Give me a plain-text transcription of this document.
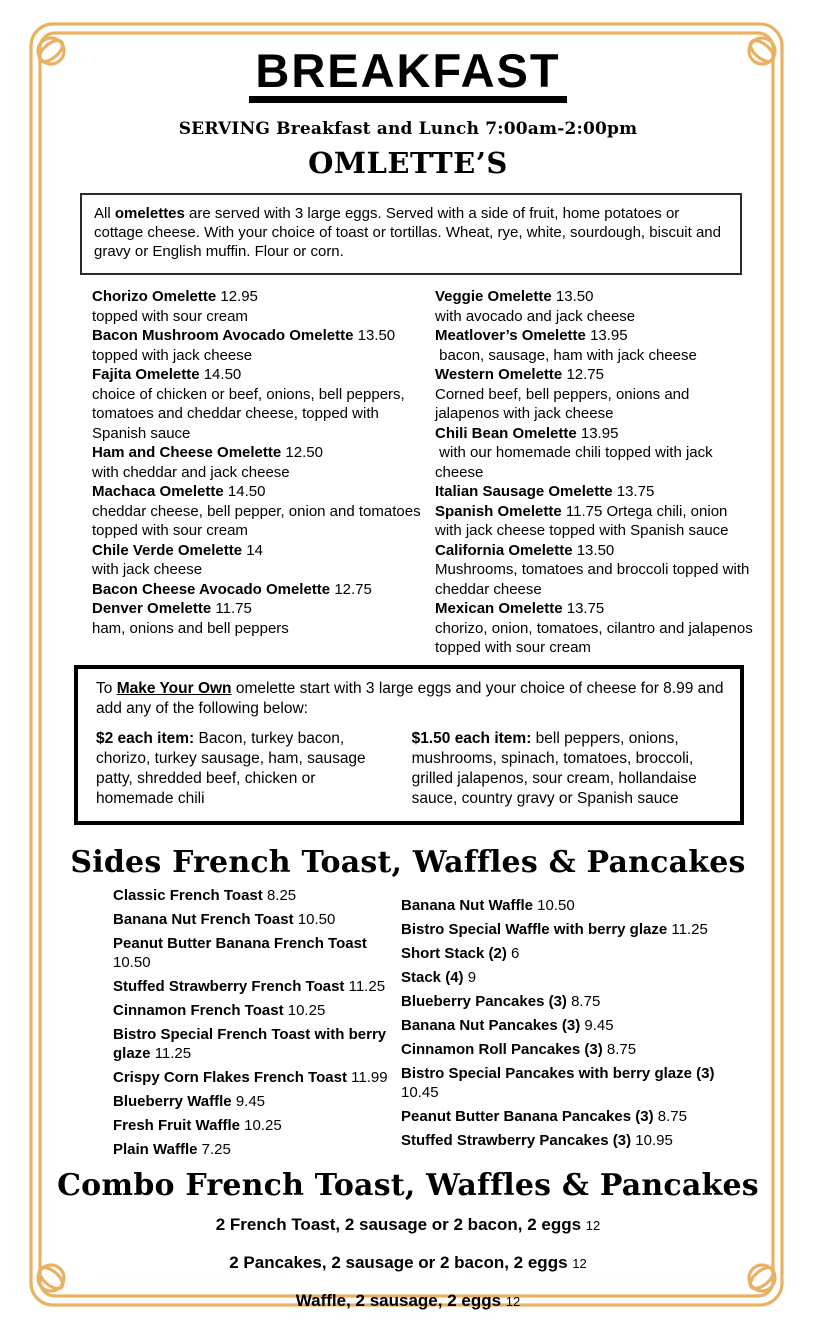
BREAKFAST
SERVING Breakfast and Lunch 7:00am-2:00pm
OMLETTE’S
All omelettes are served with 3 large eggs. Served with a side of fruit, home potatoes or cottage cheese. With your choice of toast or tortillas. Wheat, rye, white, sourdough, biscuit and gravy or English muffin. Flour or corn.
Chorizo Omelette 12.95
topped with sour cream
Bacon Mushroom Avocado Omelette 13.50
topped with jack cheese
Fajita Omelette 14.50
choice of chicken or beef, onions, bell peppers, tomatoes and cheddar cheese, topped with Spanish sauce
Ham and Cheese Omelette 12.50
with cheddar and jack cheese
Machaca Omelette 14.50
cheddar cheese, bell pepper, onion and tomatoes topped with sour cream
Chile Verde Omelette 14
with jack cheese
Bacon Cheese Avocado Omelette 12.75
Denver Omelette 11.75
ham, onions and bell peppers
Veggie Omelette 13.50
with avocado and jack cheese
Meatlover’s Omelette 13.95
bacon, sausage, ham with jack cheese
Western Omelette 12.75
Corned beef, bell peppers, onions and jalapenos with jack cheese
Chili Bean Omelette 13.95
with our homemade chili topped with jack cheese
Italian Sausage Omelette 13.75
Spanish Omelette 11.75 Ortega chili, onion with jack cheese topped with Spanish sauce
California Omelette 13.50
Mushrooms, tomatoes and broccoli topped with cheddar cheese
Mexican Omelette 13.75
chorizo, onion, tomatoes, cilantro and jalapenos topped with sour cream
To Make Your Own omelette start with 3 large eggs and your choice of cheese for 8.99 and add any of the following below:
$2 each item: Bacon, turkey bacon, chorizo, turkey sausage, ham, sausage patty, shredded beef, chicken or homemade chili
$1.50 each item: bell peppers, onions, mushrooms, spinach, tomatoes, broccoli, grilled jalapenos, sour cream, hollandaise sauce, country gravy or Spanish sauce
Sides French Toast, Waffles & Pancakes
Classic French Toast 8.25
Banana Nut French Toast 10.50
Peanut Butter Banana French Toast 10.50
Stuffed Strawberry French Toast 11.25
Cinnamon French Toast 10.25
Bistro Special French Toast with berry glaze 11.25
Crispy Corn Flakes French Toast 11.99
Blueberry Waffle 9.45
Fresh Fruit Waffle 10.25
Plain Waffle 7.25
Banana Nut Waffle 10.50
Bistro Special Waffle with berry glaze 11.25
Short Stack (2) 6
Stack (4) 9
Blueberry Pancakes (3) 8.75
Banana Nut Pancakes (3) 9.45
Cinnamon Roll Pancakes (3) 8.75
Bistro Special Pancakes with berry glaze (3) 10.45
Peanut Butter Banana Pancakes (3) 8.75
Stuffed Strawberry Pancakes (3) 10.95
Combo French Toast, Waffles & Pancakes
2 French Toast, 2 sausage or 2 bacon, 2 eggs 12
2 Pancakes, 2 sausage or 2 bacon, 2 eggs 12
Waffle, 2 sausage, 2 eggs 12
